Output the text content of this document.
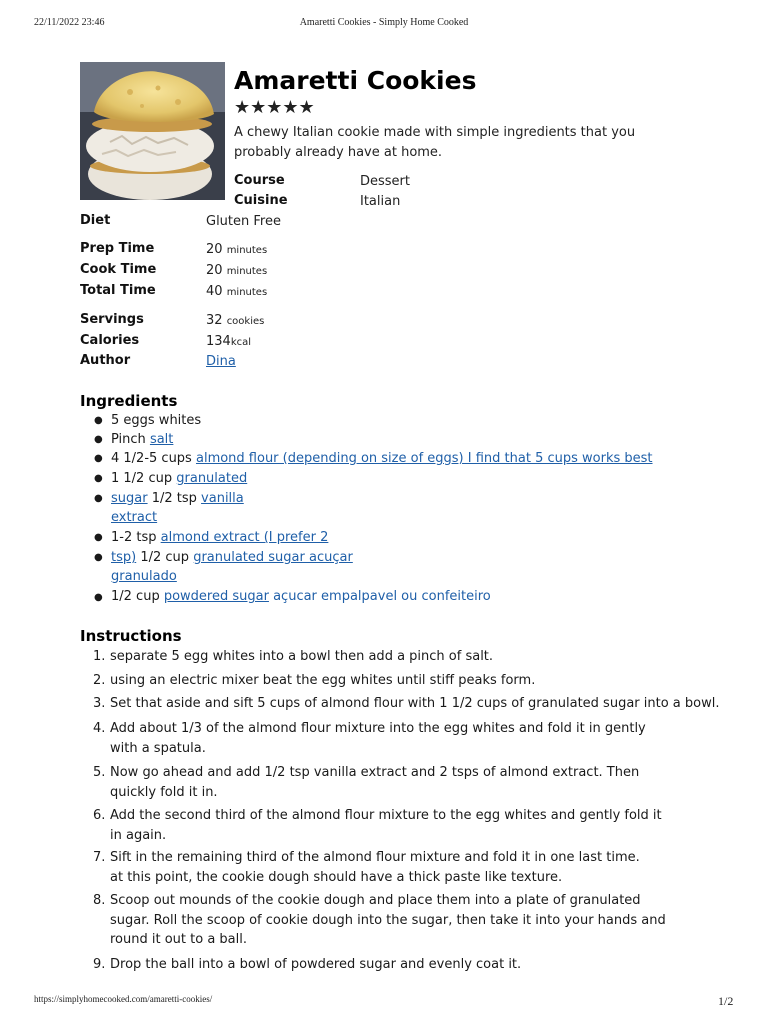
22/11/2022 23:46	Amaretti Cookies - Simply Home Cooked
Amaretti Cookies
★★★★★
A chewy Italian cookie made with simple ingredients that you probably already have at home.
Course	Dessert
Cuisine	Italian
Diet	Gluten Free
Prep Time	20 minutes
Cook Time	20 minutes
Total Time	40 minutes
Servings	32 cookies
Calories	134kcal
Author	Dina
Ingredients
● 5 eggs whites
● Pinch salt
● 4 1/2-5 cups almond flour (depending on size of eggs) I find that 5 cups works best
● 1 1/2 cup granulated
● sugar 1/2 tsp vanilla
extract
● 1-2 tsp almond extract (I prefer 2
● tsp) 1/2 cup granulated sugar acuçar
granulado
● 1/2 cup powdered sugar açucar empalpavel ou confeiteiro
Instructions
1. separate 5 egg whites into a bowl then add a pinch of salt.
2. using an electric mixer beat the egg whites until stiff peaks form.
3. Set that aside and sift 5 cups of almond flour with 1 1/2 cups of granulated sugar into a bowl.
4. Add about 1/3 of the almond flour mixture into the egg whites and fold it in gently with a spatula.
5. Now go ahead and add 1/2 tsp vanilla extract and 2 tsps of almond extract. Then quickly fold it in.
6. Add the second third of the almond flour mixture to the egg whites and gently fold it in again.
7. Sift in the remaining third of the almond flour mixture and fold it in one last time. at this point, the cookie dough should have a thick paste like texture.
8. Scoop out mounds of the cookie dough and place them into a plate of granulated sugar. Roll the scoop of cookie dough into the sugar, then take it into your hands and round it out to a ball.
9. Drop the ball into a bowl of powdered sugar and evenly coat it.
https://simplyhomecooked.com/amaretti-cookies/	1/2
